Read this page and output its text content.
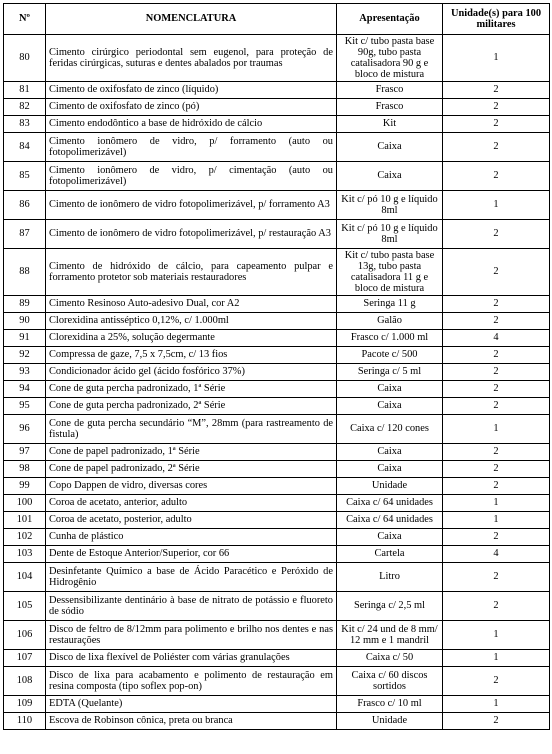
Nº	NOMENCLATURA	Apresentação	Unidade(s) para 100 militares
80	Cimento cirúrgico periodontal sem eugenol, para proteção de feridas cirúrgicas, suturas e dentes abalados por traumas	Kit c/ tubo pasta base 90g, tubo pasta catalisadora 90 g e bloco de mistura	1
81	Cimento de oxifosfato de zinco (líquido)	Frasco	2
82	Cimento de oxifosfato de zinco (pó)	Frasco	2
83	Cimento endodôntico a base de hidróxido de cálcio	Kit	2
84	Cimento ionômero de vidro, p/ forramento (auto ou fotopolimerizável)	Caixa	2
85	Cimento ionômero de vidro, p/ cimentação (auto ou fotopolimerizável)	Caixa	2
86	Cimento de ionômero de vidro fotopolimerizável, p/ forramento A3	Kit c/ pó 10 g e líquido 8ml	1
87	Cimento de ionômero de vidro fotopolimerizável, p/ restauração A3	Kit c/ pó 10 g e líquido 8ml	2
88	Cimento de hidróxido de cálcio, para capeamento pulpar e forramento protetor sob materiais restauradores	Kit c/ tubo pasta base 13g, tubo pasta catalisadora 11 g e bloco de mistura	2
89	Cimento Resinoso Auto-adesivo Dual, cor A2	Seringa 11 g	2
90	Clorexidina antisséptico 0,12%, c/ 1.000ml	Galão	2
91	Clorexidina a 25%, solução degermante	Frasco c/ 1.000 ml	4
92	Compressa de gaze, 7,5 x 7,5cm, c/ 13 fios	Pacote c/ 500	2
93	Condicionador ácido gel (ácido fosfórico 37%)	Seringa c/ 5 ml	2
94	Cone de guta percha padronizado, 1ª Série	Caixa	2
95	Cone de guta percha padronizado, 2ª Série	Caixa	2
96	Cone de guta percha secundário “M”, 28mm (para rastreamento de fistula)	Caixa c/ 120 cones	1
97	Cone de papel padronizado, 1ª Série	Caixa	2
98	Cone de papel padronizado, 2ª Série	Caixa	2
99	Copo Dappen de vidro, diversas cores	Unidade	2
100	Coroa de acetato, anterior, adulto	Caixa c/ 64 unidades	1
101	Coroa de acetato, posterior, adulto	Caixa c/ 64 unidades	1
102	Cunha de plástico	Caixa	2
103	Dente de Estoque Anterior/Superior, cor 66	Cartela	4
104	Desinfetante Químico a base de Ácido Paracético e Peróxido de Hidrogênio	Litro	2
105	Dessensibilizante dentinário à base de nitrato de potássio e fluoreto de sódio	Seringa c/ 2,5 ml	2
106	Disco de feltro de 8/12mm para polimento e brilho nos dentes e nas restaurações	Kit c/ 24 und de 8 mm/ 12 mm e 1 mandril	1
107	Disco de lixa flexível de Poliéster com várias granulações	Caixa c/ 50	1
108	Disco de lixa para acabamento e polimento de restauração em resina composta (tipo soflex pop-on)	Caixa c/ 60 discos sortidos	2
109	EDTA (Quelante)	Frasco c/ 10 ml	1
110	Escova de Robinson cônica, preta ou branca	Unidade	2
